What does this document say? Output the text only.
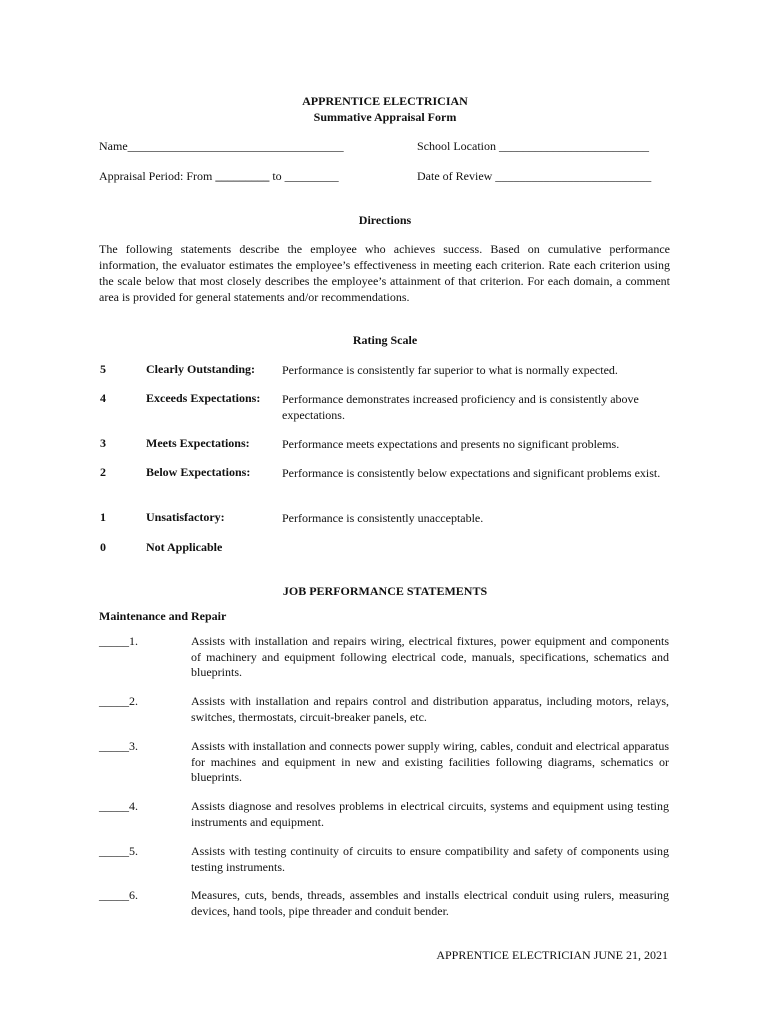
APPRENTICE ELECTRICIAN
Summative Appraisal Form
Name____________________________________	School Location _________________________
Appraisal Period: From _________ to _________	Date of Review __________________________
Directions
The following statements describe the employee who achieves success. Based on cumulative performance information, the evaluator estimates the employee’s effectiveness in meeting each criterion. Rate each criterion using the scale below that most closely describes the employee’s attainment of that criterion. For each domain, a comment area is provided for general statements and/or recommendations.
Rating Scale
5	Clearly Outstanding: Performance is consistently far superior to what is normally expected.
4	Exceeds Expectations: Performance demonstrates increased proficiency and is consistently above expectations.
3	Meets Expectations:	Performance meets expectations and presents no significant problems.
2	Below Expectations:	Performance is consistently below expectations and significant problems exist.
1	Unsatisfactory:	Performance is consistently unacceptable.
0	Not Applicable
JOB PERFORMANCE STATEMENTS
Maintenance and Repair
_____1.	Assists with installation and repairs wiring, electrical fixtures, power equipment and components of machinery and equipment following electrical code, manuals, specifications, schematics and blueprints.
_____2.	Assists with installation and repairs control and distribution apparatus, including motors, relays, switches, thermostats, circuit-breaker panels, etc.
_____3.	Assists with installation and connects power supply wiring, cables, conduit and electrical apparatus for machines and equipment in new and existing facilities following diagrams, schematics or blueprints.
_____4.	Assists diagnose and resolves problems in electrical circuits, systems and equipment using testing instruments and equipment.
_____5.	Assists with testing continuity of circuits to ensure compatibility and safety of components using testing instruments.
_____6.	Measures, cuts, bends, threads, assembles and installs electrical conduit using rulers, measuring devices, hand tools, pipe threader and conduit bender.
APPRENTICE ELECTRICIAN JUNE 21, 2021
